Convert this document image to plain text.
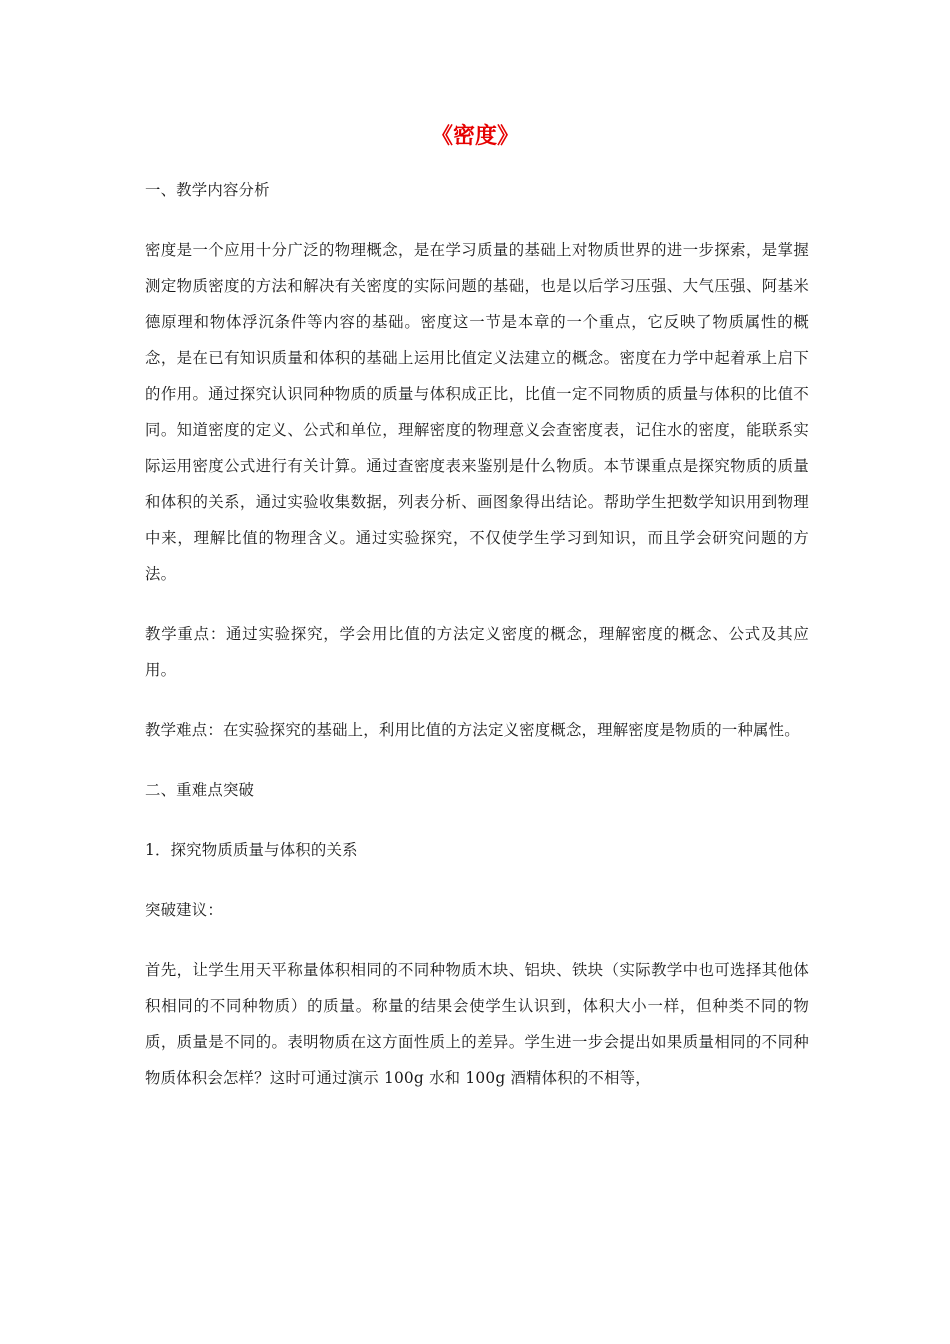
《密度》

一、教学内容分析

密度是一个应用十分广泛的物理概念，是在学习质量的基础上对物质世界的进一步探索，是掌握测定物质密度的方法和解决有关密度的实际问题的基础，也是以后学习压强、大气压强、阿基米德原理和物体浮沉条件等内容的基础。密度这一节是本章的一个重点，它反映了物质属性的概念，是在已有知识质量和体积的基础上运用比值定义法建立的概念。密度在力学中起着承上启下的作用。通过探究认识同种物质的质量与体积成正比，比值一定不同物质的质量与体积的比值不同。知道密度的定义、公式和单位，理解密度的物理意义会查密度表，记住水的密度，能联系实际运用密度公式进行有关计算。通过查密度表来鉴别是什么物质。本节课重点是探究物质的质量和体积的关系，通过实验收集数据，列表分析、画图象得出结论。帮助学生把数学知识用到物理中来，理解比值的物理含义。通过实验探究，不仅使学生学习到知识，而且学会研究问题的方法。

教学重点：通过实验探究，学会用比值的方法定义密度的概念，理解密度的概念、公式及其应用。

教学难点：在实验探究的基础上，利用比值的方法定义密度概念，理解密度是物质的一种属性。

二、重难点突破

1．探究物质质量与体积的关系

突破建议：

首先，让学生用天平称量体积相同的不同种物质木块、铝块、铁块（实际教学中也可选择其他体积相同的不同种物质）的质量。称量的结果会使学生认识到，体积大小一样，但种类不同的物质，质量是不同的。表明物质在这方面性质上的差异。学生进一步会提出如果质量相同的不同种物质体积会怎样？这时可通过演示 100g 水和 100g 酒精体积的不相等，
